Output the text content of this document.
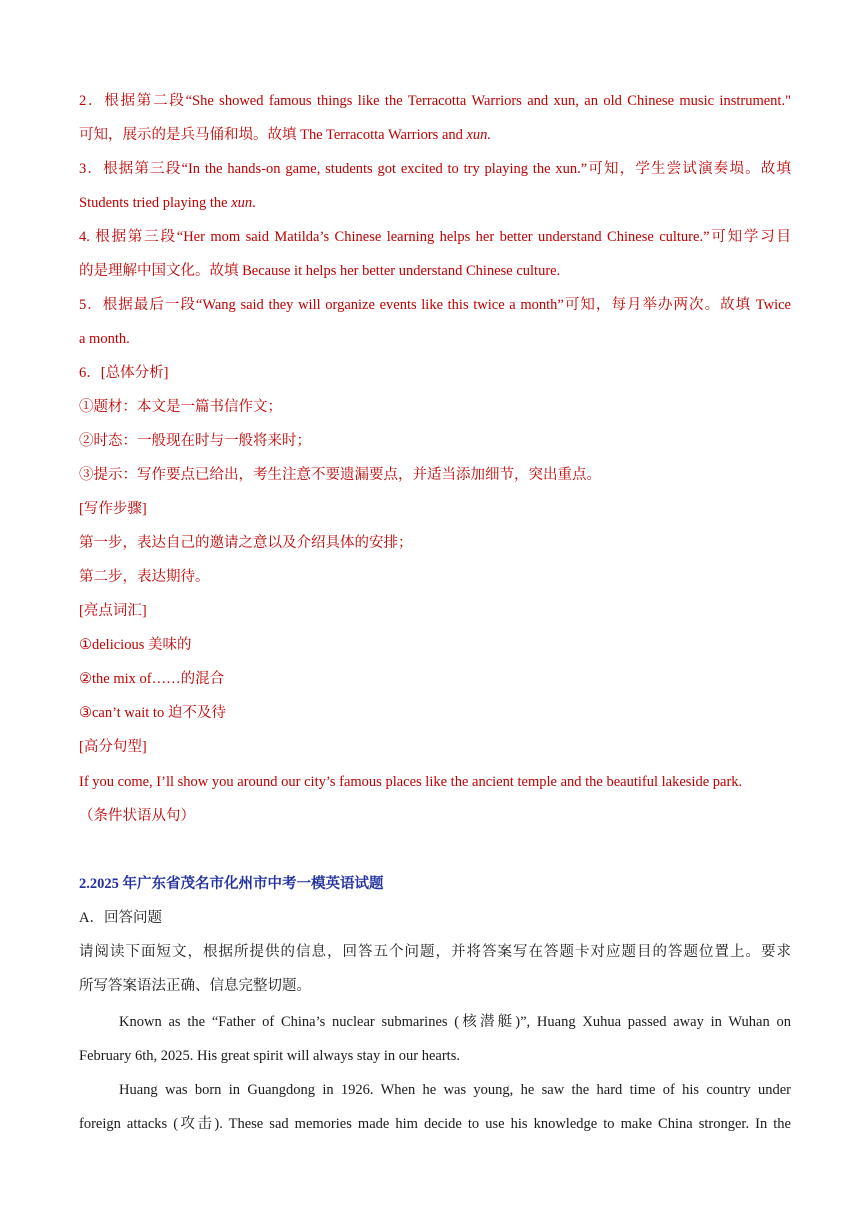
2．根据第二段“She showed famous things like the Terracotta Warriors and xun, an old Chinese music instrument."
可知，展示的是兵马俑和埙。故填 The Terracotta Warriors and xun.
3．根据第三段“In the hands-on game, students got excited to try playing the xun.”可知，学生尝试演奏埙。故填
Students tried playing the xun.
4. 根据第三段“Her mom said Matilda’s Chinese learning helps her better understand Chinese culture.”可知学习目
的是理解中国文化。故填 Because it helps her better understand Chinese culture.
5．根据最后一段“Wang said they will organize events like this twice a month”可知，每月举办两次。故填 Twice
a month.
6．[总体分析]
①题材：本文是一篇书信作文；
②时态：一般现在时与一般将来时；
③提示：写作要点已给出，考生注意不要遗漏要点，并适当添加细节，突出重点。
[写作步骤]
第一步，表达自己的邀请之意以及介绍具体的安排；
第二步，表达期待。
[亮点词汇]
①delicious 美味的
②the mix of……的混合
③can’t wait to 迫不及待
[高分句型]
If you come, I’ll show you around our city’s famous places like the ancient temple and the beautiful lakeside park.
（条件状语从句）
2.2025 年广东省茂名市化州市中考一模英语试题
A．回答问题
请阅读下面短文，根据所提供的信息，回答五个问题，并将答案写在答题卡对应题目的答题位置上。要求
所写答案语法正确、信息完整切题。
Known as the “Father of China’s nuclear submarines (核潜艇)”, Huang Xuhua passed away in Wuhan on
February 6th, 2025. His great spirit will always stay in our hearts.
Huang was born in Guangdong in 1926. When he was young, he saw the hard time of his country under
foreign attacks (攻击). These sad memories made him decide to use his knowledge to make China stronger. In the
